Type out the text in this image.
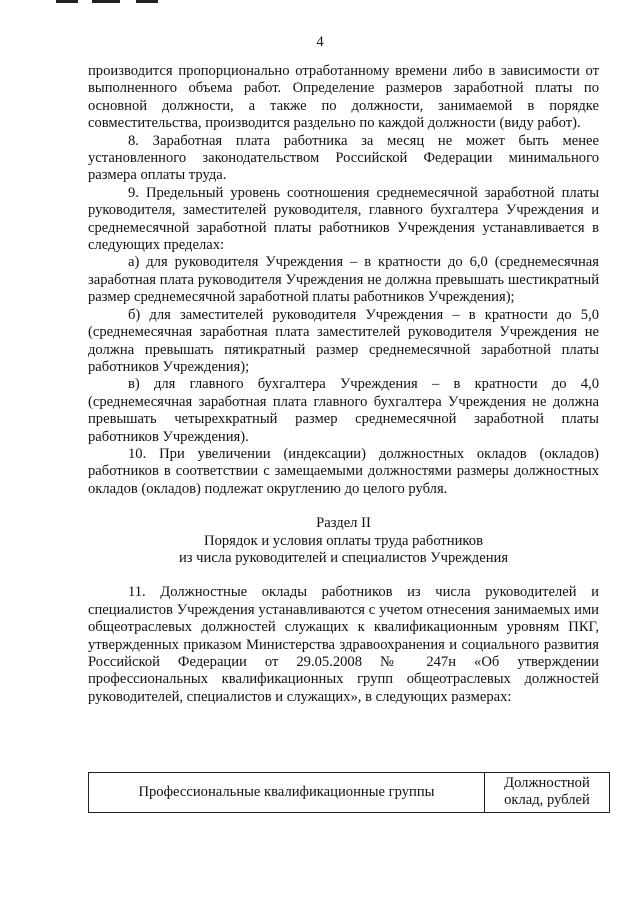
4

производится пропорционально отработанному времени либо в зависимости от выполненного объема работ. Определение размеров заработной платы по основной должности, а также по должности, занимаемой в порядке совместительства, производится раздельно по каждой должности (виду работ).

8. Заработная плата работника за месяц не может быть менее установленного законодательством Российской Федерации минимального размера оплаты труда.

9. Предельный уровень соотношения среднемесячной заработной платы руководителя, заместителей руководителя, главного бухгалтера Учреждения и среднемесячной заработной платы работников Учреждения устанавливается в следующих пределах:

а) для руководителя Учреждения – в кратности до 6,0 (среднемесячная заработная плата руководителя Учреждения не должна превышать шестикратный размер среднемесячной заработной платы работников Учреждения);

б) для заместителей руководителя Учреждения – в кратности до 5,0 (среднемесячная заработная плата заместителей руководителя Учреждения не должна превышать пятикратный размер среднемесячной заработной платы работников Учреждения);

в) для главного бухгалтера Учреждения – в кратности до 4,0 (среднемесячная заработная плата главного бухгалтера Учреждения не должна превышать четырехкратный размер среднемесячной заработной платы работников Учреждения).

10. При увеличении (индексации) должностных окладов (окладов) работников в соответствии с замещаемыми должностями размеры должностных окладов (окладов) подлежат округлению до целого рубля.

Раздел II

Порядок и условия оплаты труда работников

из числа руководителей и специалистов Учреждения

11. Должностные оклады работников из числа руководителей и специалистов Учреждения устанавливаются с учетом отнесения занимаемых ими общеотраслевых должностей служащих к квалификационным уровням ПКГ, утвержденных приказом Министерства здравоохранения и социального развития Российской Федерации от 29.05.2008 № 247н «Об утверждении профессиональных квалификационных групп общеотраслевых должностей руководителей, специалистов и служащих», в следующих размерах:

Профессиональные квалификационные группы	Должностной оклад, рублей
